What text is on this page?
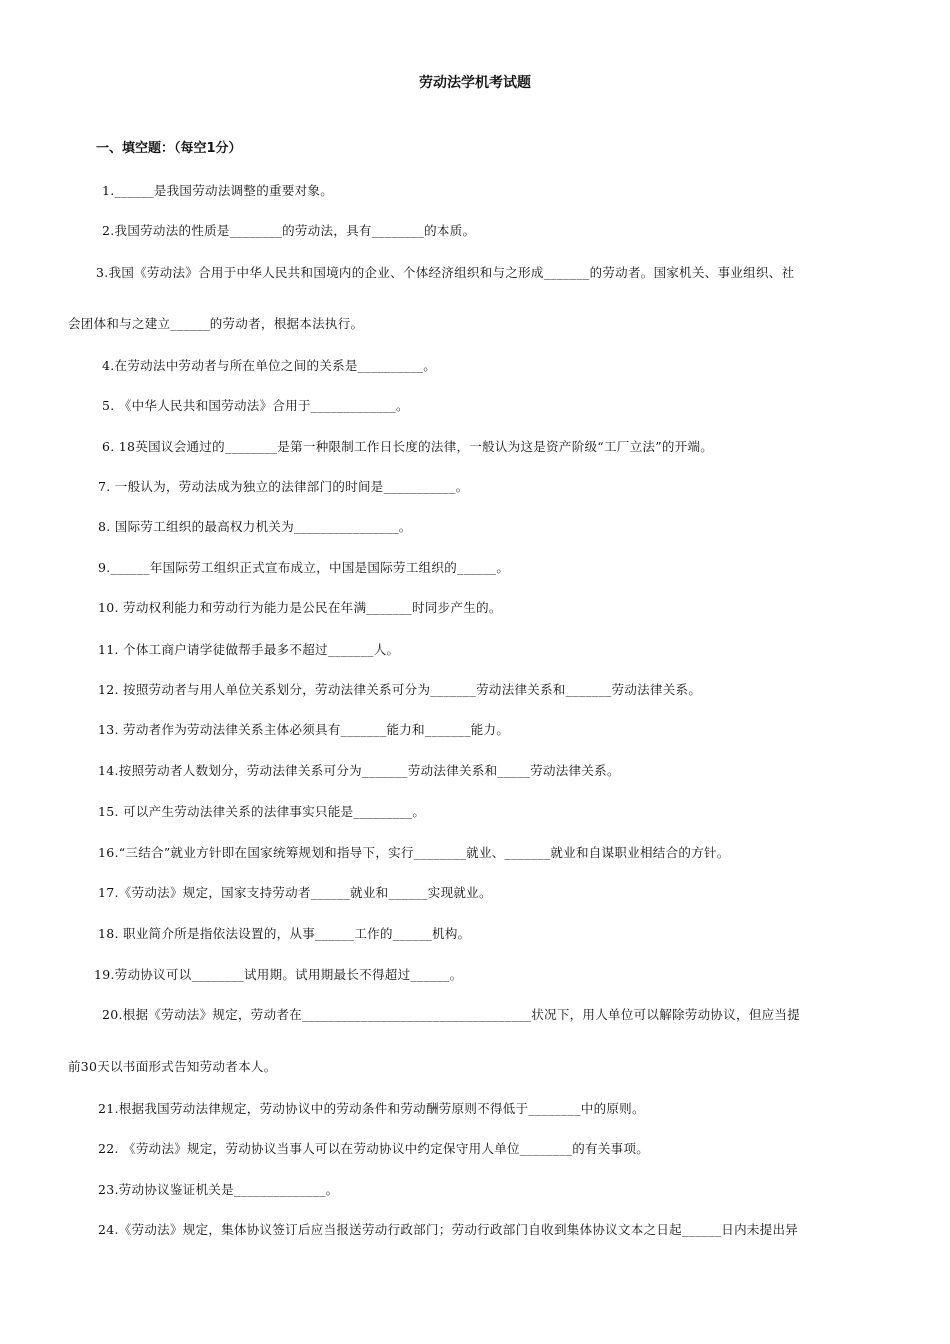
劳动法学机考试题
一、填空题：（每空1分）
1.______是我国劳动法调整的重要对象。
2.我国劳动法的性质是________的劳动法，具有________的本质。
3.我国《劳动法》合用于中华人民共和国境内的企业、个体经济组织和与之形成_______的劳动者。国家机关、事业组织、社
会团体和与之建立______的劳动者，根据本法执行。
4.在劳动法中劳动者与所在单位之间的关系是__________。
5. 《中华人民共和国劳动法》合用于_____________。
6. 18英国议会通过的________是第一种限制工作日长度的法律，一般认为这是资产阶级“工厂立法”的开端。
7. 一般认为，劳动法成为独立的法律部门的时间是___________。
8. 国际劳工组织的最高权力机关为________________。
9.______年国际劳工组织正式宣布成立，中国是国际劳工组织的______。
10. 劳动权利能力和劳动行为能力是公民在年满_______时同步产生的。
11. 个体工商户请学徒做帮手最多不超过_______人。
12. 按照劳动者与用人单位关系划分，劳动法律关系可分为_______劳动法律关系和_______劳动法律关系。
13. 劳动者作为劳动法律关系主体必须具有_______能力和_______能力。
14.按照劳动者人数划分，劳动法律关系可分为_______劳动法律关系和_____劳动法律关系。
15. 可以产生劳动法律关系的法律事实只能是_________。
16.“三结合”就业方针即在国家统筹规划和指导下，实行________就业、_______就业和自谋职业相结合的方针。
17.《劳动法》规定，国家支持劳动者______就业和______实现就业。
18. 职业简介所是指依法设置的，从事______工作的______机构。
19.劳动协议可以________试用期。试用期最长不得超过______。
20.根据《劳动法》规定，劳动者在___________________________________状况下，用人单位可以解除劳动协议，但应当提
前30天以书面形式告知劳动者本人。
21.根据我国劳动法律规定，劳动协议中的劳动条件和劳动酬劳原则不得低于________中的原则。
22. 《劳动法》规定，劳动协议当事人可以在劳动协议中约定保守用人单位________的有关事项。
23.劳动协议鉴证机关是______________。
24.《劳动法》规定，集体协议签订后应当报送劳动行政部门；劳动行政部门自收到集体协议文本之日起______日内未提出异
